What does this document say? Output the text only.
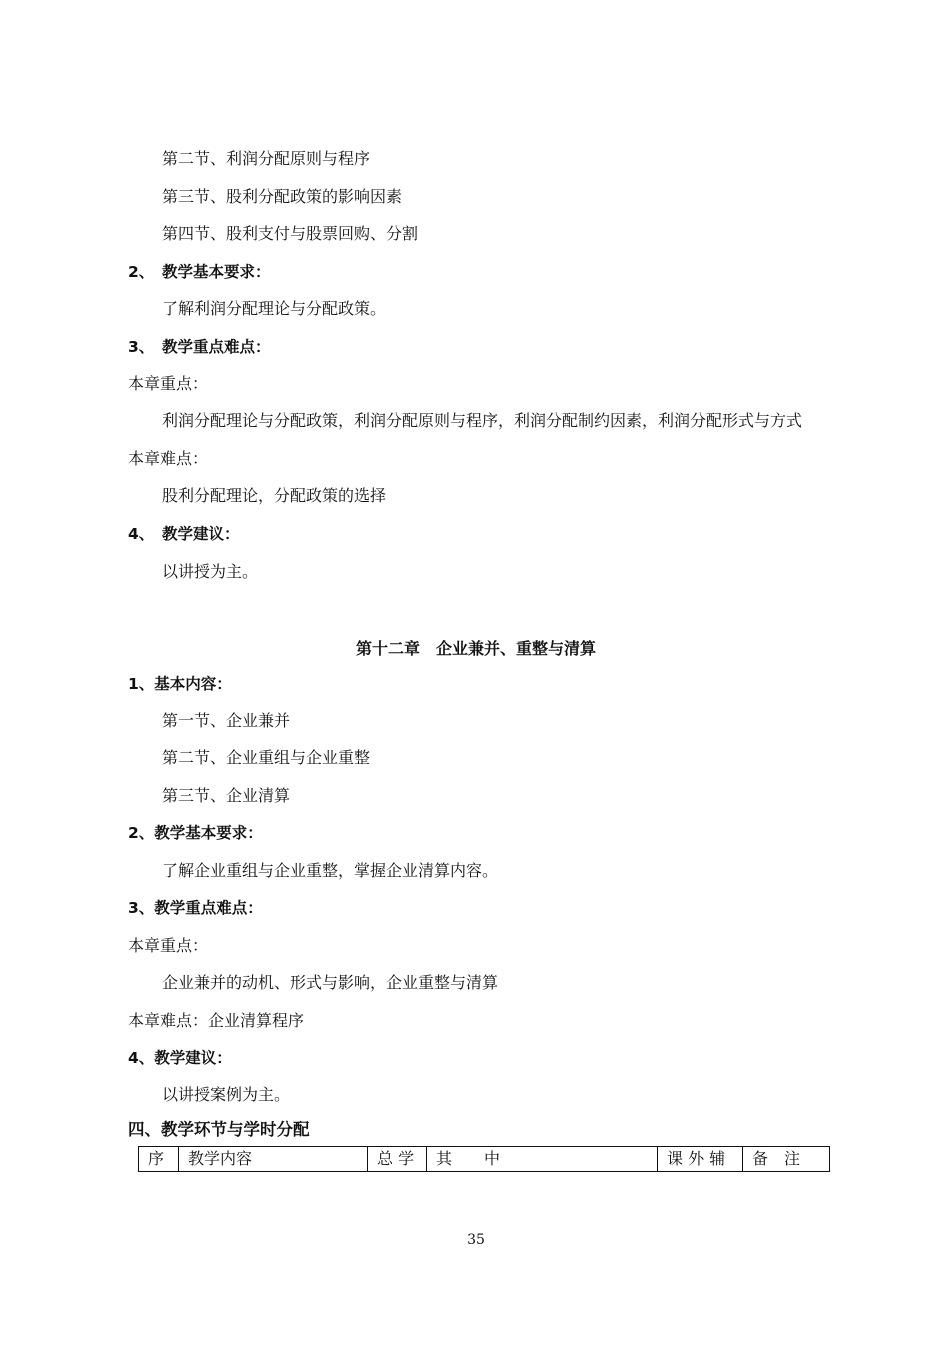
第二节、利润分配原则与程序
第三节、股利分配政策的影响因素
第四节、股利支付与股票回购、分割
2、 教学基本要求：
了解利润分配理论与分配政策。
3、 教学重点难点：
本章重点：
利润分配理论与分配政策，利润分配原则与程序，利润分配制约因素，利润分配形式与方式
本章难点：
股利分配理论，分配政策的选择
4、 教学建议：
以讲授为主。
第十二章　企业兼并、重整与清算
1、基本内容：
第一节、企业兼并
第二节、企业重组与企业重整
第三节、企业清算
2、教学基本要求：
了解企业重组与企业重整，掌握企业清算内容。
3、教学重点难点：
本章重点：
企业兼并的动机、形式与影响，企业重整与清算
本章难点：企业清算程序
4、教学建议：
以讲授案例为主。
四、教学环节与学时分配
序	教学内容	总 学	其　　中	课 外 辅	备　注
35
